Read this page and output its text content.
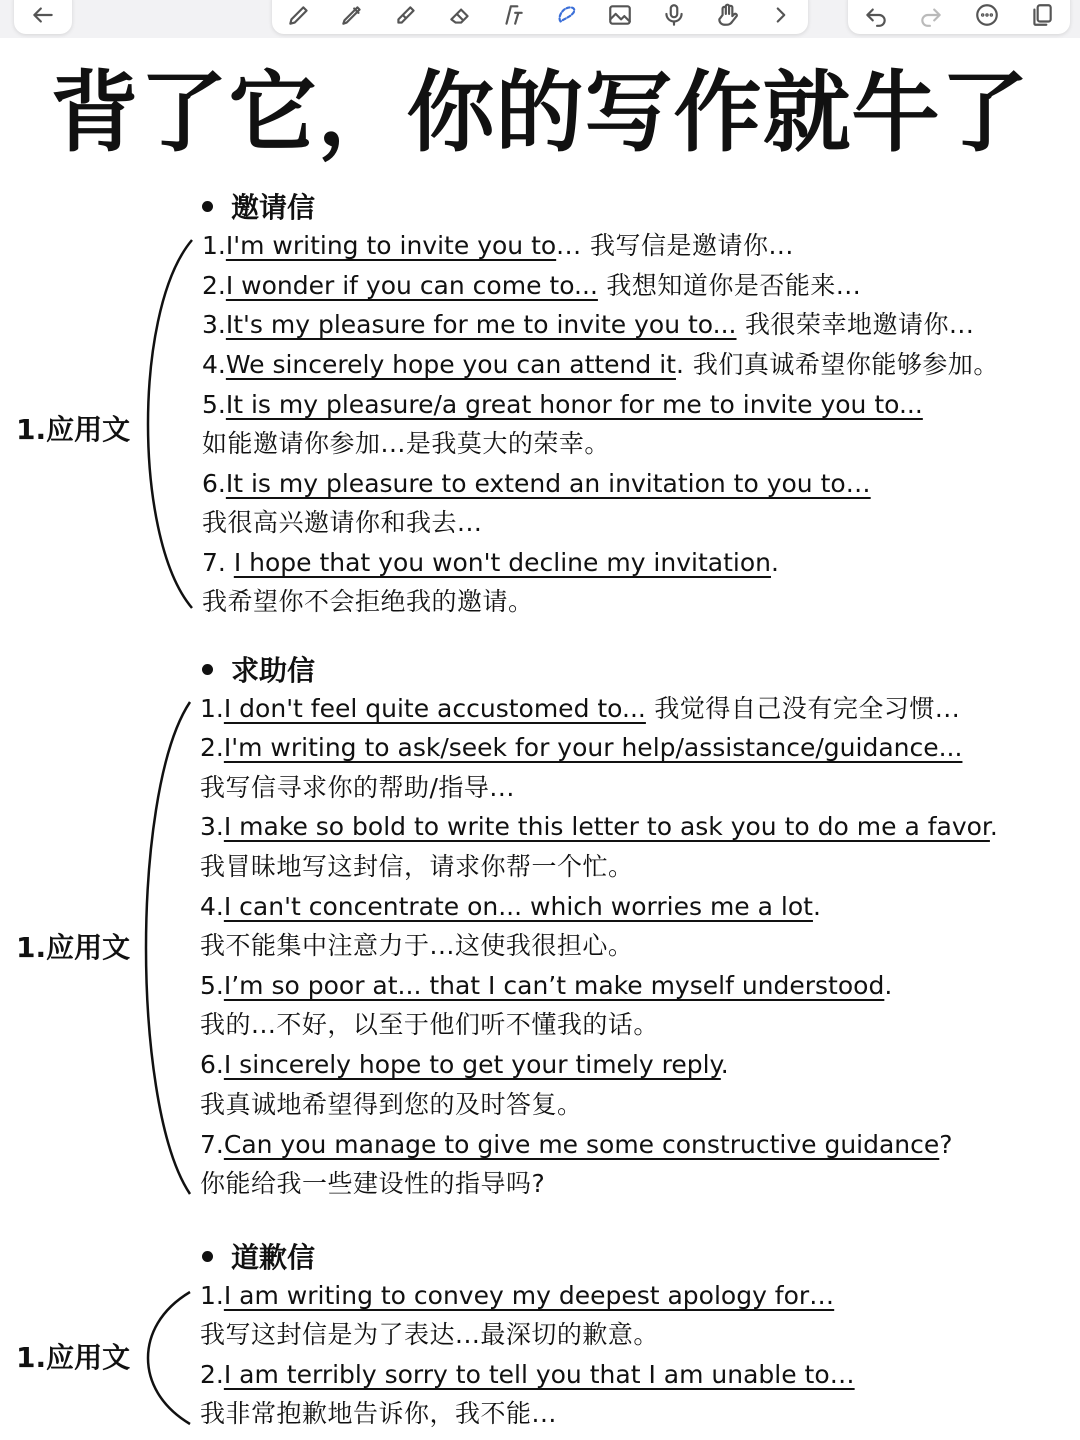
背了它，你的写作就牛了
1.应用文
邀请信
1.I'm writing to invite you to... 我写信是邀请你...
2.I wonder if you can come to... 我想知道你是否能来...
3.It's my pleasure for me to invite you to... 我很荣幸地邀请你...
4.We sincerely hope you can attend it. 我们真诚希望你能够参加。
5.It is my pleasure/a great honor for me to invite you to...
如能邀请你参加...是我莫大的荣幸。
6.It is my pleasure to extend an invitation to you to…
我很高兴邀请你和我去...
7. I hope that you won't decline my invitation.
我希望你不会拒绝我的邀请。
1.应用文
求助信
1.I don't feel quite accustomed to... 我觉得自己没有完全习惯...
2.I'm writing to ask/seek for your help/assistance/guidance...
我写信寻求你的帮助/指导...
3.I make so bold to write this letter to ask you to do me a favor.
我冒昧地写这封信，请求你帮一个忙。
4.I can't concentrate on... which worries me a lot.
我不能集中注意力于...这使我很担心。
5.I’m so poor at... that I can’t make myself understood.
我的...不好，以至于他们听不懂我的话。
6.I sincerely hope to get your timely reply.
我真诚地希望得到您的及时答复。
7.Can you manage to give me some constructive guidance?
你能给我一些建设性的指导吗?
1.应用文
道歉信
1.I am writing to convey my deepest apology for…
我写这封信是为了表达...最深切的歉意。
2.I am terribly sorry to tell you that I am unable to…
我非常抱歉地告诉你，我不能...
